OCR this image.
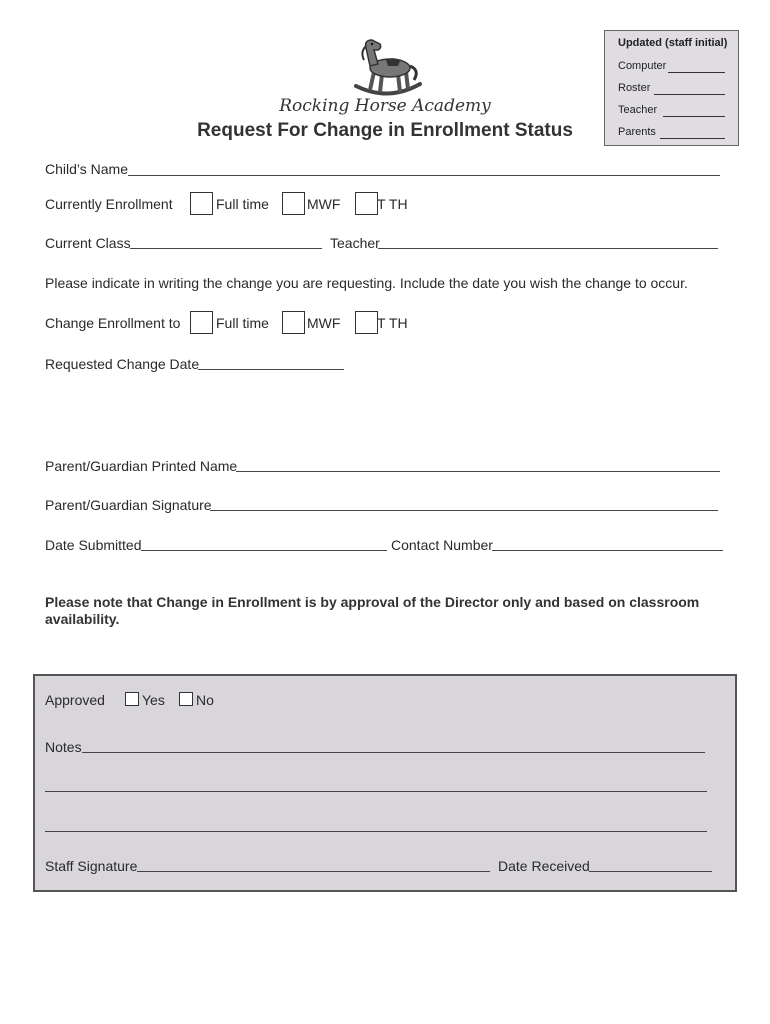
Rocking Horse Academy
Request For Change in Enrollment Status
Updated (staff initial)
Computer
Roster
Teacher
Parents
Child’s Name
Currently Enrollment	Full time	MWF	T TH
Current Class	Teacher
Please indicate in writing the change you are requesting. Include the date you wish the change to occur.
Change Enrollment to	Full time	MWF	T TH
Requested Change Date
Parent/Guardian Printed Name
Parent/Guardian Signature
Date Submitted	Contact Number
Please note that Change in Enrollment is by approval of the Director only and based on classroom availability.
Approved	Yes No
Notes
Staff Signature	Date Received
